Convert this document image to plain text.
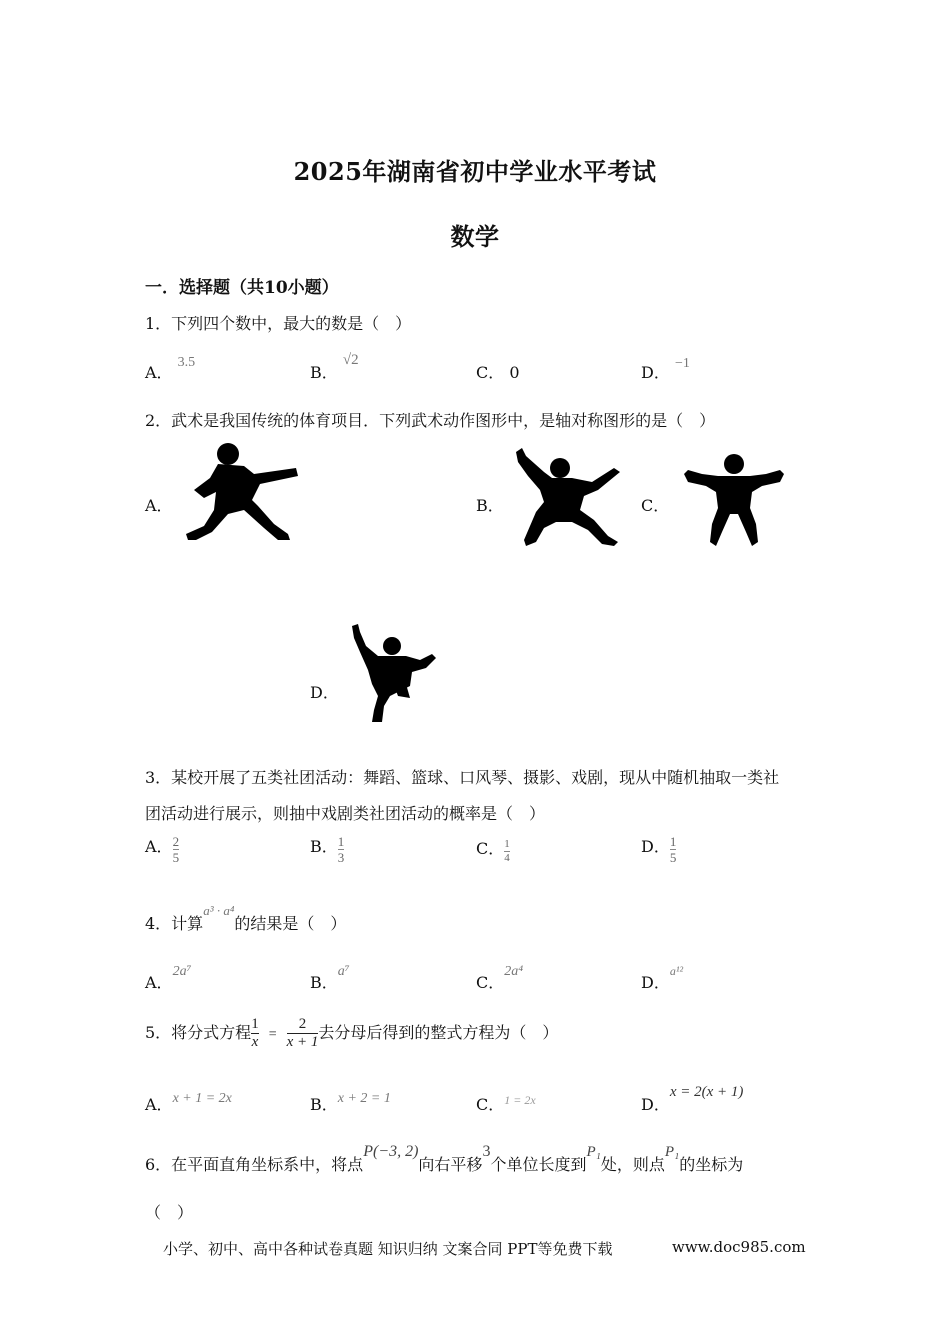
2025年湖南省初中学业水平考试
数学
一．选择题（共10小题）
1．下列四个数中，最大的数是（　）
A． 3.5
B． √2
C． 0	D． −1
2．武术是我国传统的体育项目．下列武术动作图形中，是轴对称图形的是（　）
A．	B．	C．
D．
3．某校开展了五类社团活动：舞蹈、篮球、口风琴、摄影、戏剧，现从中随机抽取一类社
团活动进行展示，则抽中戏剧类社团活动的概率是（　）
A． $\frac{2}{5}$	B． $\frac{1}{3}$	C． $\frac{1}{4}$	D． $\frac{1}{5}$
4．计算a³ · a⁴的结果是（　）
A．2a⁷
B．a⁷
C．2a⁴
D．a¹²
5．将分式方程 $\frac{1}{x} = \frac{2}{x + 1}$ 去分母后得到的整式方程为（　）
A．x + 1 = 2x	B．x + 2 = 1	C．1 = 2x	D．x = 2(x + 1)
6．在平面直角坐标系中，将点P(−3, 2)向右平移3个单位长度到P₁处，则点P₁的坐标为
（　）
小学、初中、高中各种试卷真题 知识归纳 文案合同 PPT等免费下载	www.doc985.com
